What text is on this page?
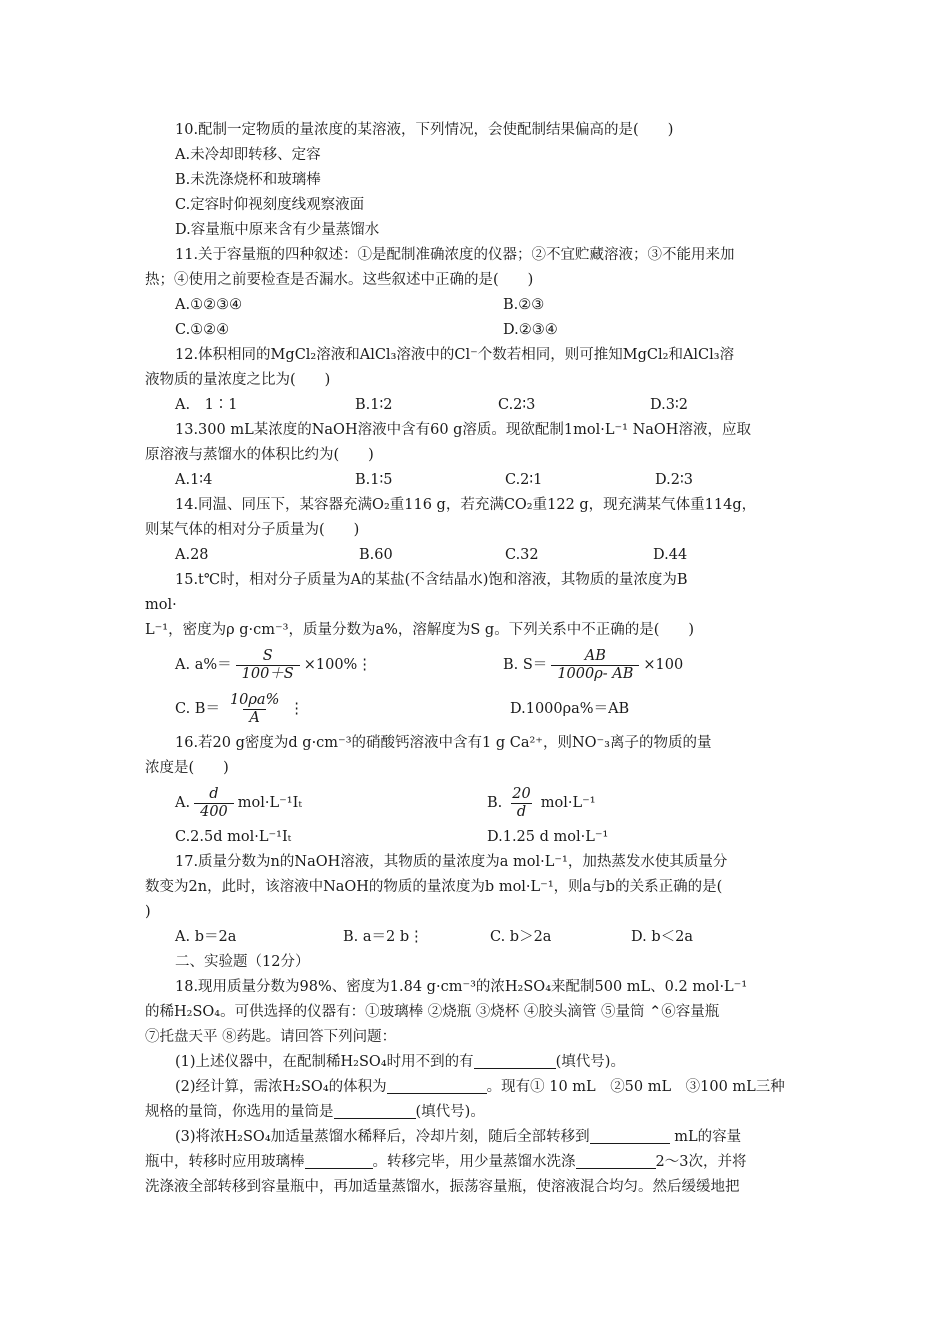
10.配制一定物质的量浓度的某溶液，下列情况，会使配制结果偏高的是(　　)
A.未冷却即转移、定容
B.未洗涤烧杯和玻璃棒
C.定容时仰视刻度线观察液面
D.容量瓶中原来含有少量蒸馏水
11.关于容量瓶的四种叙述：①是配制准确浓度的仪器；②不宜贮藏溶液；③不能用来加
热；④使用之前要检查是否漏水。这些叙述中正确的是(　　)
A.①②③④	B.②③
C.①②④	D.②③④
12.体积相同的MgCl₂溶液和AlCl₃溶液中的Cl⁻个数若相同，则可推知MgCl₂和AlCl₃溶
液物质的量浓度之比为(　　)
A.　1∶1	B.1∶2	C.2∶3	D.3∶2
13.300 mL某浓度的NaOH溶液中含有60 g溶质。现欲配制1mol·L⁻¹ NaOH溶液，应取
原溶液与蒸馏水的体积比约为(　　)
A.1∶4	B.1∶5	C.2∶1	D.2∶3
14.同温、同压下，某容器充满O₂重116 g，若充满CO₂重122 g，现充满某气体重114g，
则某气体的相对分子质量为(　　)
A.28	B.60	C.32	D.44
15.t℃时，相对分子质量为A的某盐(不含结晶水)饱和溶液，其物质的量浓度为B
mol·
L⁻¹，密度为ρ g·cm⁻³，质量分数为a%，溶解度为S g。下列关系中不正确的是(　　)
A. $a\%= \frac{S}{100+S}$ ×100%⋮	B. $S= \frac{AB}{1000\rho- AB} \times 100$
C. $B= \frac{10\rho a\%}{A}$ ⋮	D.1000ρa%＝AB
16.若20 g密度为d g·cm⁻³的硝酸钙溶液中含有1 g Ca²⁺，则NO⁻₃离子的物质的量
浓度是(　　)
A. $\frac{d}{400} mol\cdot L^{-1}I_t$	B. $\frac{20}{d} mol\cdot L^{-1}$
C.2.5d mol·L⁻¹Iₜ	D.1.25 d mol·L⁻¹
17.质量分数为n的NaOH溶液，其物质的量浓度为a mol·L⁻¹，加热蒸发水使其质量分
数变为2n，此时，该溶液中NaOH的物质的量浓度为b mol·L⁻¹，则a与b的关系正确的是(
)
A. b＝2a	B. a＝2 b⋮	C. b＞2a	D. b＜2a
二、实验题（12分）
18.现用质量分数为98%、密度为1.84 g·cm⁻³的浓H₂SO₄来配制500 mL、0.2 mol·L⁻¹
的稀H₂SO₄。可供选择的仪器有：①玻璃棒 ②烧瓶 ③烧杯 ④胶头滴管 ⑤量筒 ⌃⑥容量瓶
⑦托盘天平 ⑧药匙。请回答下列问题：
(1)上述仪器中，在配制稀H₂SO₄时用不到的有	(填代号)。
(2)经计算，需浓H₂SO₄的体积为	。现有① 10 mL　②50 mL　③100 mL三种
规格的量筒，你选用的量筒是	(填代号)。
(3)将浓H₂SO₄加适量蒸馏水稀释后，冷却片刻，随后全部转移到	mL的容量
瓶中，转移时应用玻璃棒	。转移完毕，用少量蒸馏水洗涤	2～3次，并将
洗涤液全部转移到容量瓶中，再加适量蒸馏水，振荡容量瓶，使溶液混合均匀。然后缓缓地把
